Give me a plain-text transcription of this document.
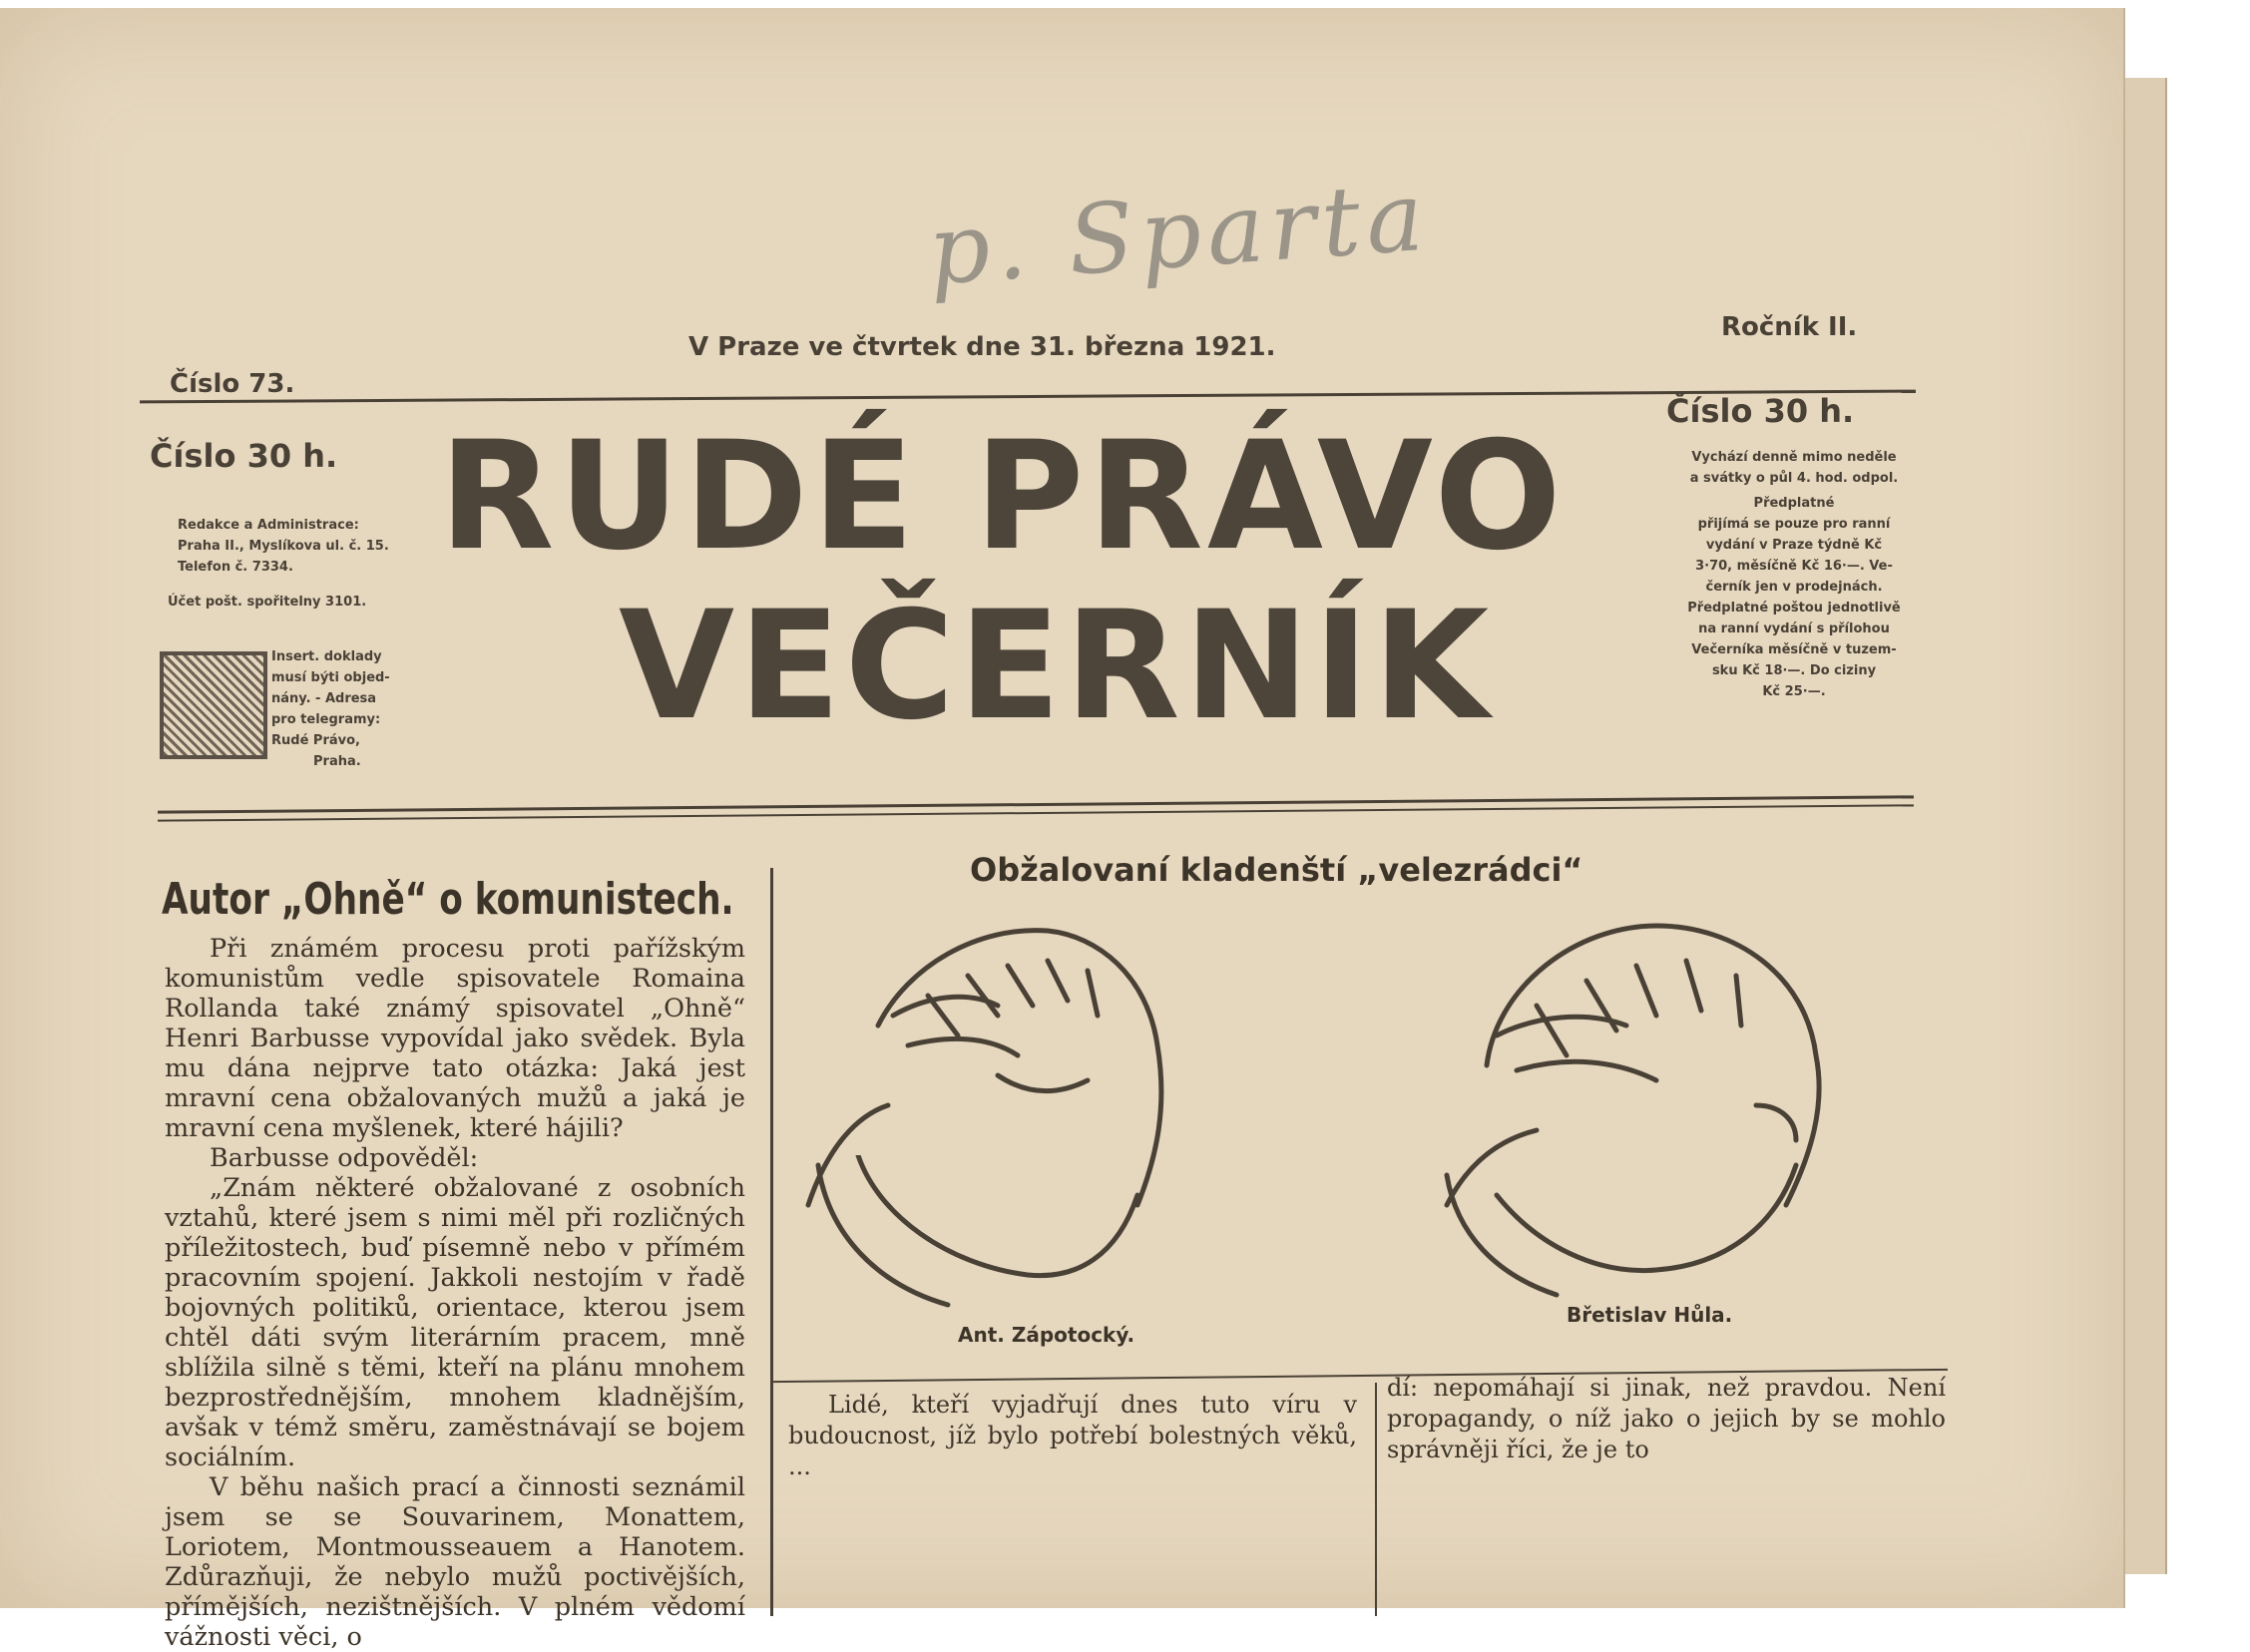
p. Sparta
Číslo 73.
V Praze ve čtvrtek dne 31. března 1921.
Ročník II.
RUDÉ PRÁVO
VEČERNÍK
Číslo 30 h.
Redakce a Administrace:
Praha II., Myslíkova ul. č. 15.
Telefon č. 7334.
Účet pošt. spořitelny 3101.
Insert. doklady
musí býti objed-
nány. - Adresa
pro telegramy:
Rudé Právo,
Praha.
Číslo 30 h.
Vychází denně mimo neděle
a svátky o půl 4. hod. odpol.
Předplatné
přijímá se pouze pro ranní
vydání v Praze týdně Kč
3·70, měsíčně Kč 16·—. Ve-
černík jen v prodejnách.
Předplatné poštou jednotlivě
na ranní vydání s přílohou
Večerníka měsíčně v tuzem-
sku Kč 18·—. Do ciziny
Kč 25·—.
Autor „Ohně“ o komunistech.

Při známém procesu proti pařížským komunistům vedle spisovatele Romaina Rollanda také známý spisovatel „Ohně“ Henri Barbusse vypovídal jako svědek. Byla mu dána nejprve tato otázka: Jaká jest mravní cena obžalovaných mužů a jaká je mravní cena myšlenek, které hájili?

Barbusse odpověděl:

„Znám některé obžalované z osobních vztahů, které jsem s nimi měl při rozličných příležitostech, buď písemně nebo v přímém pracovním spojení. Jakkoli nestojím v řadě bojovných politiků, orientace, kterou jsem chtěl dáti svým literárním pracem, mně sblížila silně s těmi, kteří na plánu mnohem bezprostřednějším, mnohem kladnějším, avšak v témž směru, zaměstnávají se bojem sociálním.

V běhu našich prací a činnosti seznámil jsem se se Souvarinem, Monattem, Loriotem, Montmousseauem a Hanotem. Zdůrazňuji, že nebylo mužů poctivějších, přímějších, nezištnějších. V plném vědomí vážnosti věci, o

Obžalovaní kladenští „velezrádci“
Ant. Zápotocký.
Břetislav Hůla.
Lidé, kteří vyjadřují dnes tuto víru v budoucnost, jíž bylo potřebí bolestných věků, ...
dí: nepomáhají si jinak, než pravdou. Není propagandy, o níž jako o jejich by se mohlo správněji říci, že je to
